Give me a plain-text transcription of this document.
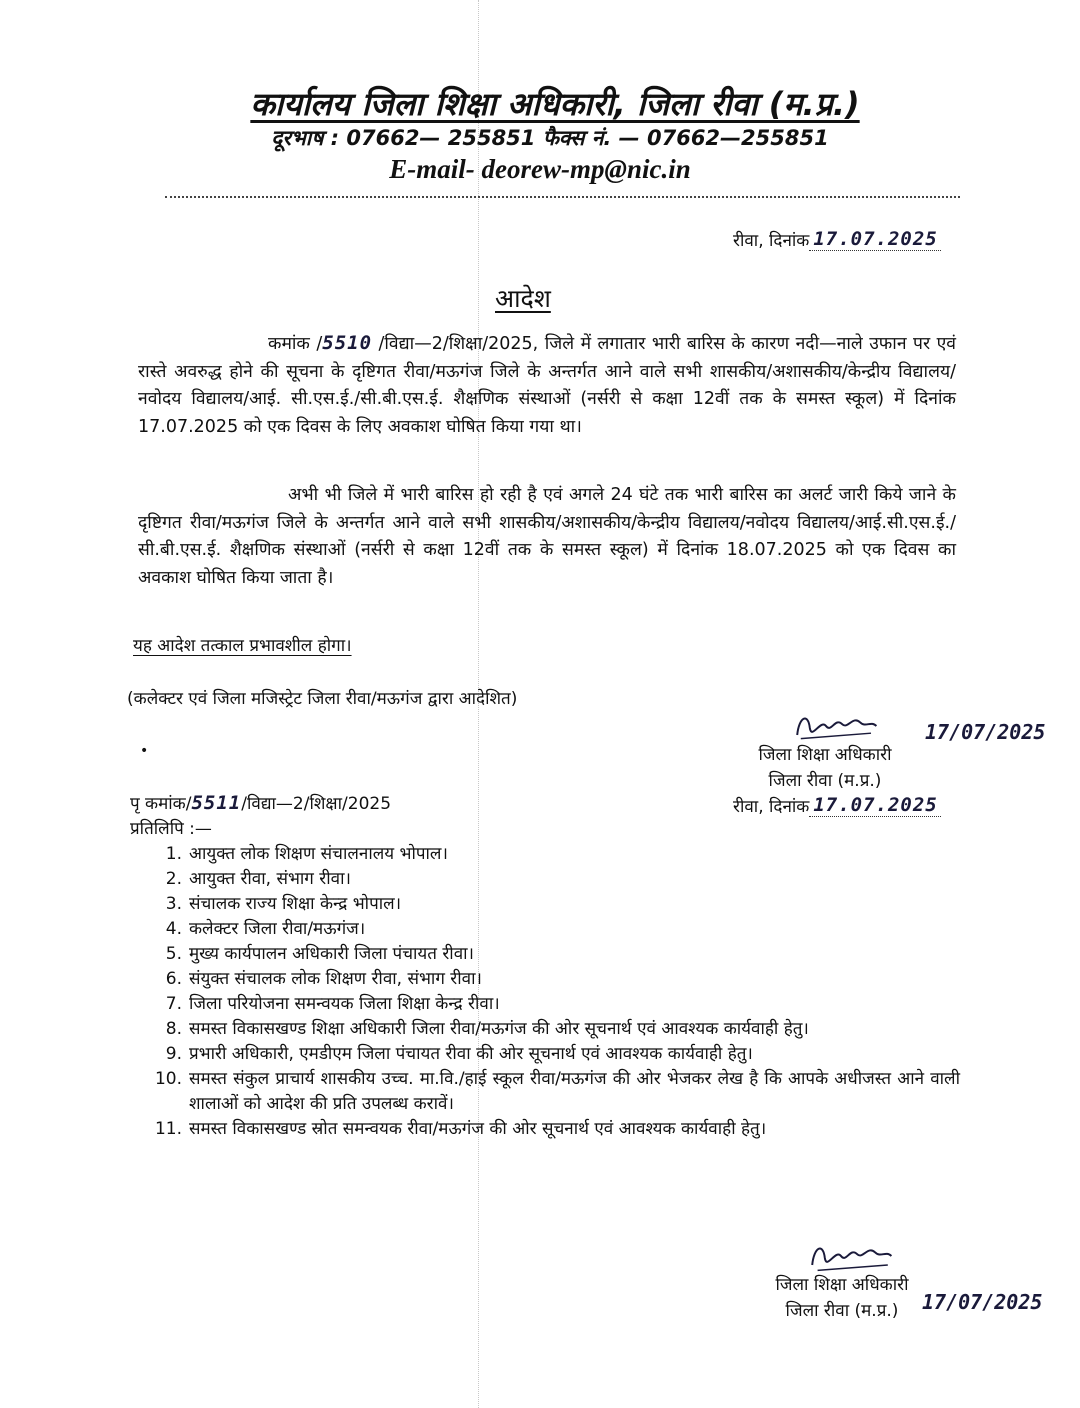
कार्यालय जिला शिक्षा अधिकारी, जिला रीवा (म.प्र.)
दूरभाष : 07662— 255851 फैक्स नं. — 07662—255851
E-mail- deorew-mp@nic.in
रीवा, दिनांक 17.07.2025
आदेश
कमांक /5510 /विद्या—2/शिक्षा/2025, जिले में लगातार भारी बारिस के कारण नदी—नाले उफान पर एवं रास्ते अवरुद्ध होने की सूचना के दृष्टिगत रीवा/मऊगंज जिले के अन्तर्गत आने वाले सभी शासकीय/अशासकीय/केन्द्रीय विद्यालय/नवोदय विद्यालय/आई. सी.एस.ई./सी.बी.एस.ई. शैक्षणिक संस्थाओं (नर्सरी से कक्षा 12वीं तक के समस्त स्कूल) में दिनांक 17.07.2025 को एक दिवस के लिए अवकाश घोषित किया गया था।
अभी भी जिले में भारी बारिस हो रही है एवं अगले 24 घंटे तक भारी बारिस का अलर्ट जारी किये जाने के दृष्टिगत रीवा/मऊगंज जिले के अन्तर्गत आने वाले सभी शासकीय/अशासकीय/केन्द्रीय विद्यालय/नवोदय विद्यालय/आई.सी.एस.ई./सी.बी.एस.ई. शैक्षणिक संस्थाओं (नर्सरी से कक्षा 12वीं तक के समस्त स्कूल) में दिनांक 18.07.2025 को एक दिवस का अवकाश घोषित किया जाता है।
यह आदेश तत्काल प्रभावशील होगा।
(कलेक्टर एवं जिला मजिस्ट्रेट जिला रीवा/मऊगंज द्वारा आदेशित)
•
17/07/2025
जिला शिक्षा अधिकारी
जिला रीवा (म.प्र.)
रीवा, दिनांक 17.07.2025
पृ कमांक/5511/विद्या—2/शिक्षा/2025
प्रतिलिपि :—
1. आयुक्त लोक शिक्षण संचालनालय भोपाल।
2. आयुक्त रीवा, संभाग रीवा।
3. संचालक राज्य शिक्षा केन्द्र भोपाल।
4. कलेक्टर जिला रीवा/मऊगंज।
5. मुख्य कार्यपालन अधिकारी जिला पंचायत रीवा।
6. संयुक्त संचालक लोक शिक्षण रीवा, संभाग रीवा।
7. जिला परियोजना समन्वयक जिला शिक्षा केन्द्र रीवा।
8. समस्त विकासखण्ड शिक्षा अधिकारी जिला रीवा/मऊगंज की ओर सूचनार्थ एवं आवश्यक कार्यवाही हेतु।
9. प्रभारी अधिकारी, एमडीएम जिला पंचायत रीवा की ओर सूचनार्थ एवं आवश्यक कार्यवाही हेतु।
10. समस्त संकुल प्राचार्य शासकीय उच्च. मा.वि./हाई स्कूल रीवा/मऊगंज की ओर भेजकर लेख है कि आपके अधीजस्त आने वाली शालाओं को आदेश की प्रति उपलब्ध करावें।
11. समस्त विकासखण्ड स्रोत समन्वयक रीवा/मऊगंज की ओर सूचनार्थ एवं आवश्यक कार्यवाही हेतु।
जिला शिक्षा अधिकारी
जिला रीवा (म.प्र.)	17/07/2025
